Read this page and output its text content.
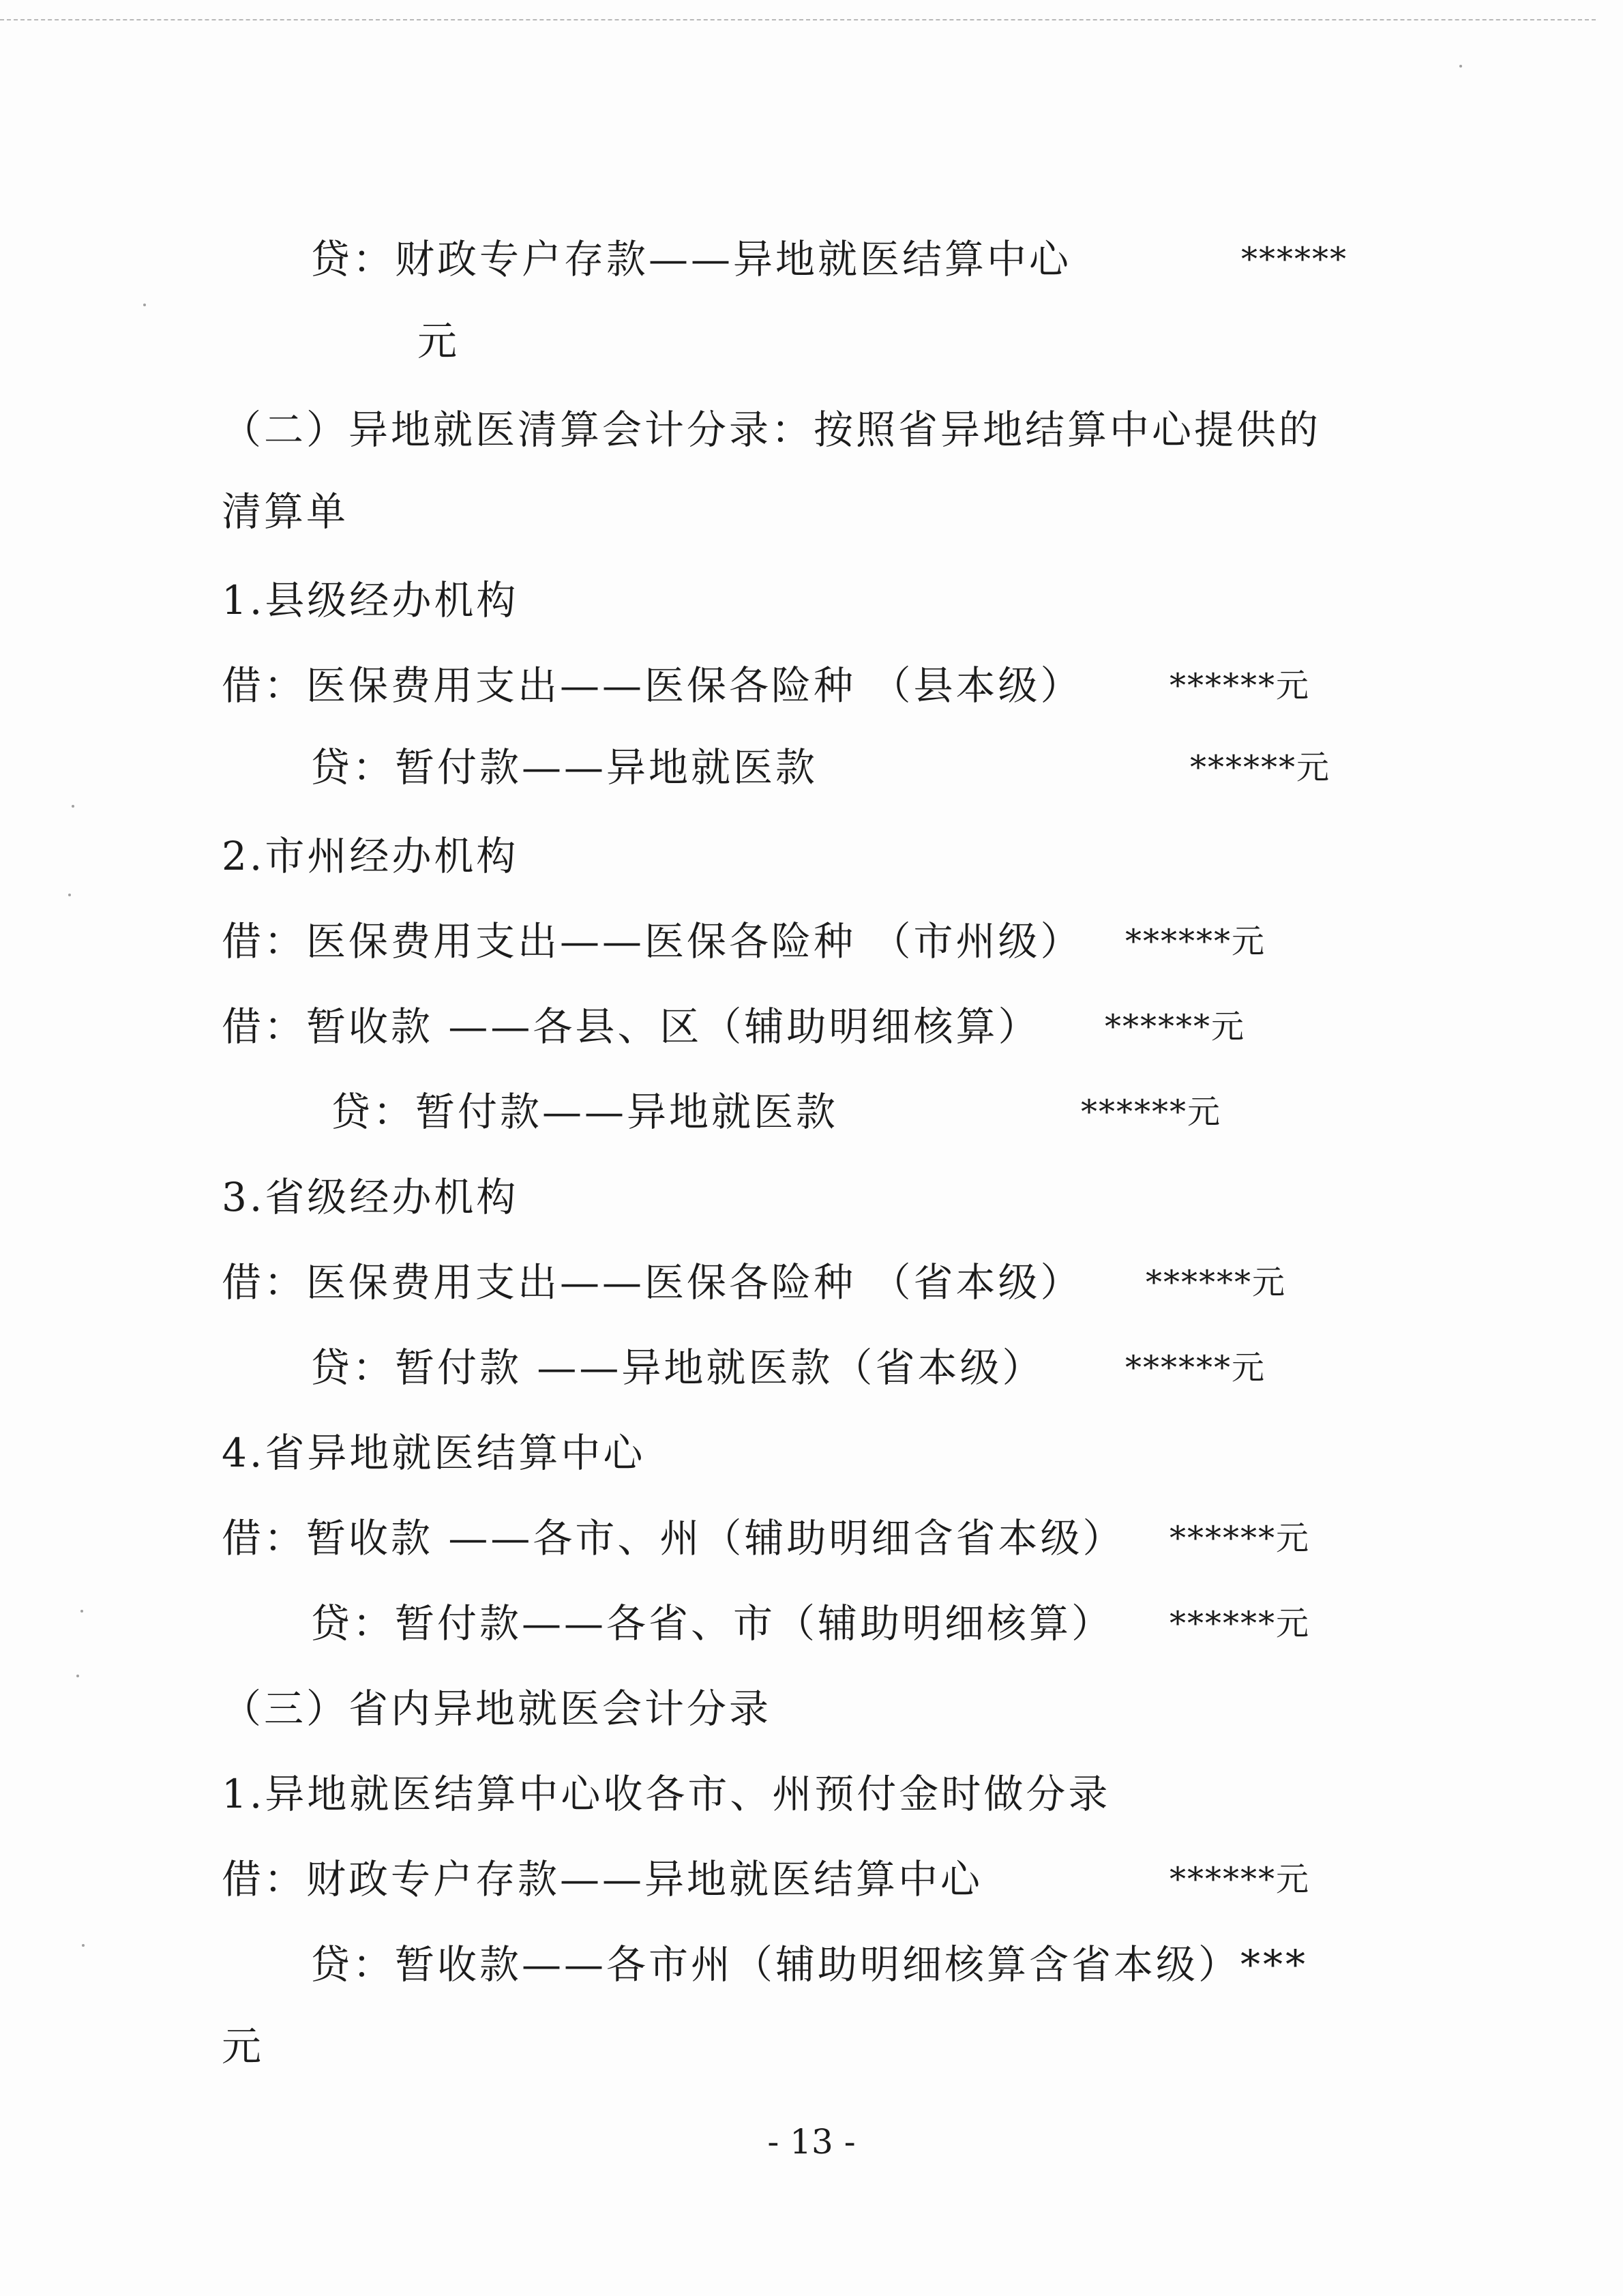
贷：财政专户存款——异地就医结算中心	******
元
（二）异地就医清算会计分录：按照省异地结算中心提供的
清算单
1.县级经办机构
借：医保费用支出——医保各险种 （县本级）	******元
贷：暂付款——异地就医款	******元
2.市州经办机构
借：医保费用支出——医保各险种 （市州级） ******元
借：暂收款 ——各县、区（辅助明细核算） ******元
贷：暂付款——异地就医款	******元
3.省级经办机构
借：医保费用支出——医保各险种 （省本级） ******元
贷：暂付款 ——异地就医款（省本级） ******元
4.省异地就医结算中心
借：暂收款 ——各市、州（辅助明细含省本级） ******元
贷：暂付款——各省、市（辅助明细核算） ******元
（三）省内异地就医会计分录
1.异地就医结算中心收各市、州预付金时做分录
借：财政专户存款——异地就医结算中心	******元
贷：暂收款——各市州（辅助明细核算含省本级）***
元
- 13 -
